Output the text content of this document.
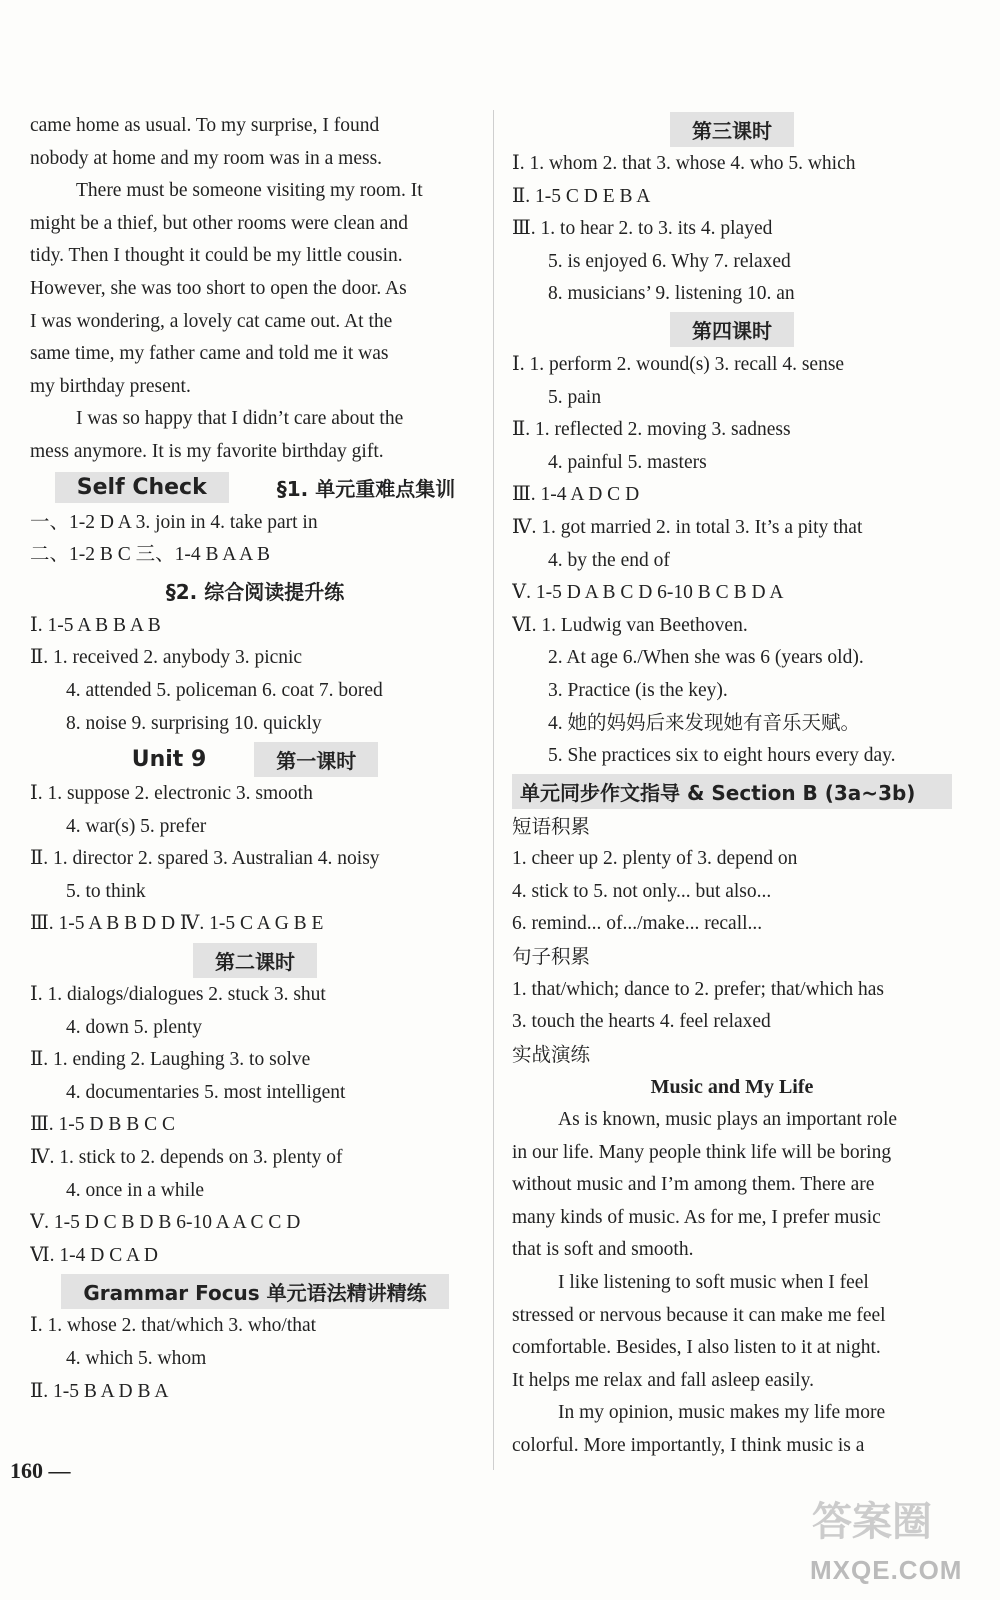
came home as usual. To my surprise, I found
nobody at home and my room was in a mess.
There must be someone visiting my room. It
might be a thief, but other rooms were clean and
tidy. Then I thought it could be my little cousin.
However, she was too short to open the door. As
I was wondering, a lovely cat came out. At the
same time, my father came and told me it was
my birthday present.
I was so happy that I didn’t care about the
mess anymore. It is my favorite birthday gift.
Self Check	§1. 单元重难点集训
一、1-2 D A 3. join in 4. take part in
二、1-2 B C 三、1-4 B A A B
§2. 综合阅读提升练
Ⅰ. 1-5 A B B A B
Ⅱ. 1. received 2. anybody 3. picnic
4. attended 5. policeman 6. coat 7. bored
8. noise 9. surprising 10. quickly
Unit 9	第一课时
Ⅰ. 1. suppose 2. electronic 3. smooth
4. war(s) 5. prefer
Ⅱ. 1. director 2. spared 3. Australian 4. noisy
5. to think
Ⅲ. 1-5 A B B D D Ⅳ. 1-5 C A G B E
第二课时
Ⅰ. 1. dialogs/dialogues 2. stuck 3. shut
4. down 5. plenty
Ⅱ. 1. ending 2. Laughing 3. to solve
4. documentaries 5. most intelligent
Ⅲ. 1-5 D B B C C
Ⅳ. 1. stick to 2. depends on 3. plenty of
4. once in a while
Ⅴ. 1-5 D C B D B 6-10 A A C C D
Ⅵ. 1-4 D C A D
Grammar Focus 单元语法精讲精练
Ⅰ. 1. whose 2. that/which 3. who/that
4. which 5. whom
Ⅱ. 1-5 B A D B A
第三课时
Ⅰ. 1. whom 2. that 3. whose 4. who 5. which
Ⅱ. 1-5 C D E B A
Ⅲ. 1. to hear 2. to 3. its 4. played
5. is enjoyed 6. Why 7. relaxed
8. musicians’ 9. listening 10. an
第四课时
Ⅰ. 1. perform 2. wound(s) 3. recall 4. sense
5. pain
Ⅱ. 1. reflected 2. moving 3. sadness
4. painful 5. masters
Ⅲ. 1-4 A D C D
Ⅳ. 1. got married 2. in total 3. It’s a pity that
4. by the end of
Ⅴ. 1-5 D A B C D 6-10 B C B D A
Ⅵ. 1. Ludwig van Beethoven.
2. At age 6./When she was 6 (years old).
3. Practice (is the key).
4. 她的妈妈后来发现她有音乐天赋。
5. She practices six to eight hours every day.
单元同步作文指导 & Section B (3a~3b)
短语积累
1. cheer up 2. plenty of 3. depend on
4. stick to 5. not only... but also...
6. remind... of.../make... recall...
句子积累
1. that/which; dance to 2. prefer; that/which has
3. touch the hearts 4. feel relaxed
实战演练
Music and My Life
As is known, music plays an important role
in our life. Many people think life will be boring
without music and I’m among them. There are
many kinds of music. As for me, I prefer music
that is soft and smooth.
I like listening to soft music when I feel
stressed or nervous because it can make me feel
comfortable. Besides, I also listen to it at night.
It helps me relax and fall asleep easily.
In my opinion, music makes my life more
colorful. More importantly, I think music is a
160 —
答案圈
MXQE.COM
